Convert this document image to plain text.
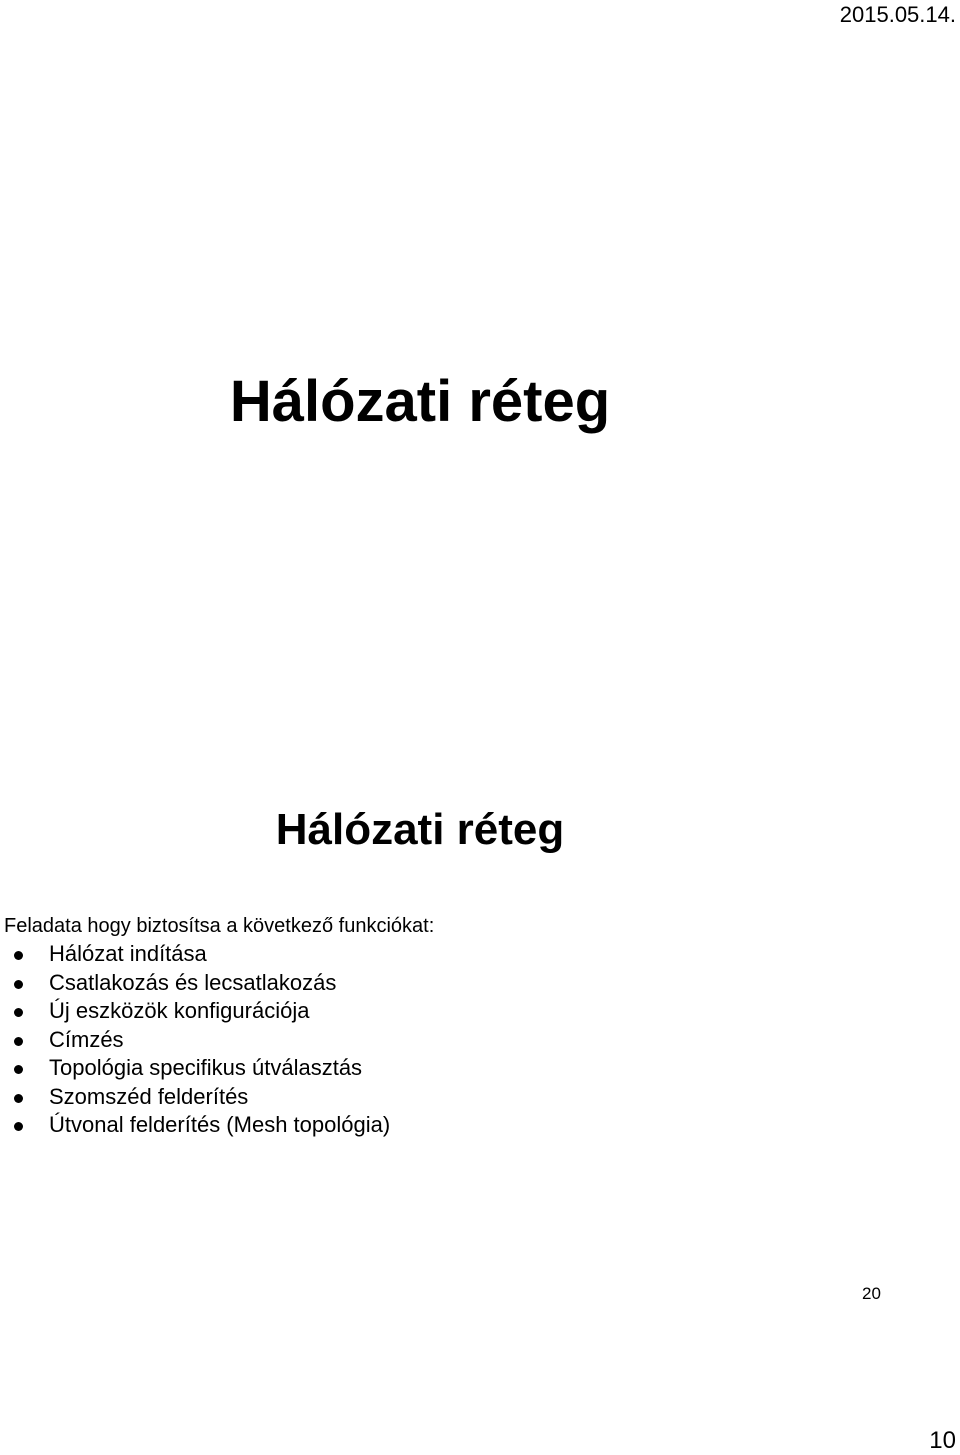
2015.05.14.
Hálózati réteg
Hálózati réteg

Feladata hogy biztosítsa a következő funkciókat:

Hálózat indítása
Csatlakozás és lecsatlakozás
Új eszközök konfigurációja
Címzés
Topológia specifikus útválasztás
Szomszéd felderítés
Útvonal felderítés (Mesh topológia)
20
10
